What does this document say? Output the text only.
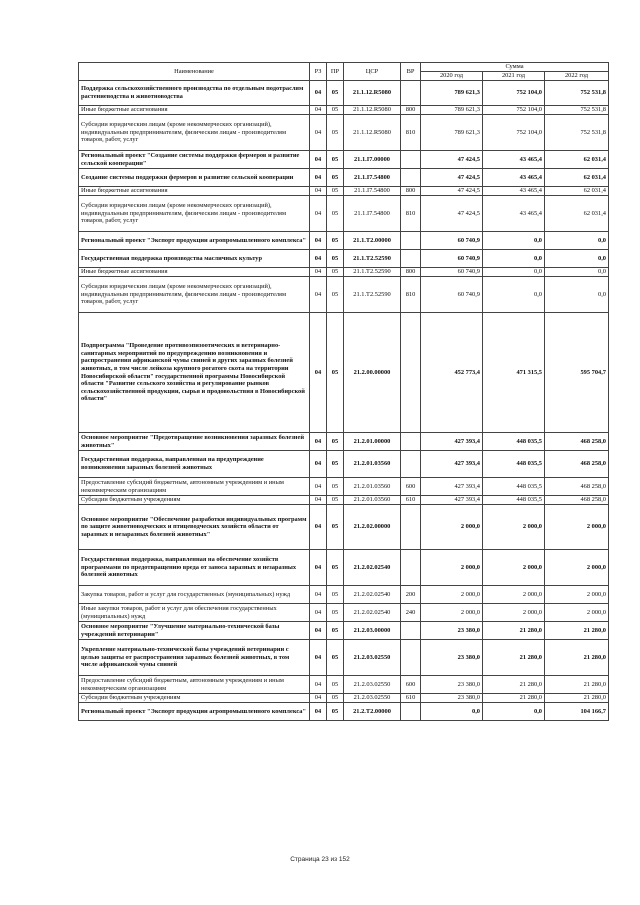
Наименование	РЗ	ПР	ЦСР	ВР	Сумма		
					2020 год	2021 год	2022 год
Поддержка сельскохозяйственного производства по отдельным подотраслям растениеводства и животноводства	04	05	21.1.12.R5080		789 621,3	752 104,0	752 531,8
Иные бюджетные ассигнования	04	05	21.1.12.R5080	800	789 621,3	752 104,0	752 531,8
Субсидии юридическим лицам (кроме некоммерческих организаций), индивидуальным предпринимателям, физическим лицам - производителям товаров, работ, услуг	04	05	21.1.12.R5080	810	789 621,3	752 104,0	752 531,8
Региональный проект "Создание системы поддержки фермеров и развитие сельской кооперации"	04	05	21.1.I7.00000		47 424,5	43 465,4	62 031,4
Создание системы поддержки фермеров и развитие сельской кооперации	04	05	21.1.I7.54800		47 424,5	43 465,4	62 031,4
Иные бюджетные ассигнования	04	05	21.1.I7.54800	800	47 424,5	43 465,4	62 031,4
Субсидии юридическим лицам (кроме некоммерческих организаций), индивидуальным предпринимателям, физическим лицам - производителям товаров, работ, услуг	04	05	21.1.I7.54800	810	47 424,5	43 465,4	62 031,4
Региональный проект "Экспорт продукции агропромышленного комплекса"	04	05	21.1.T2.00000		60 740,9	0,0	0,0
Государственная поддержка производства масличных культур	04	05	21.1.T2.52590		60 740,9	0,0	0,0
Иные бюджетные ассигнования	04	05	21.1.T2.52590	800	60 740,9	0,0	0,0
Субсидии юридическим лицам (кроме некоммерческих организаций), индивидуальным предпринимателям, физическим лицам - производителям товаров, работ, услуг	04	05	21.1.T2.52590	810	60 740,9	0,0	0,0
Подпрограмма "Проведение противоэпизоотических и ветеринарно-санитарных мероприятий по предупреждению возникновения и распространения африканской чумы свиней и других заразных болезней животных, в том числе лейкоза крупного рогатого скота на территории Новосибирской области" государственной программы Новосибирской области "Развитие сельского хозяйства и регулирование рынков сельскохозяйственной продукции, сырья и продовольствия в Новосибирской области"	04	05	21.2.00.00000		452 773,4	471 315,5	595 704,7
Основное мероприятие "Предотвращение возникновения заразных болезней животных"	04	05	21.2.01.00000		427 393,4	448 035,5	468 258,0
Государственная поддержка, направленная на предупреждение возникновения заразных болезней животных	04	05	21.2.01.03560		427 393,4	448 035,5	468 258,0
Предоставление субсидий бюджетным, автономным учреждениям и иным некоммерческим организациям	04	05	21.2.01.03560	600	427 393,4	448 035,5	468 258,0
Субсидии бюджетным учреждениям	04	05	21.2.01.03560	610	427 393,4	448 035,5	468 258,0
Основное мероприятие "Обеспечение разработки индивидуальных программ по защите животноводческих и птицеводческих хозяйств области от заразных и незаразных болезней животных"	04	05	21.2.02.00000		2 000,0	2 000,0	2 000,0
Государственная поддержка, направленная на обеспечение хозяйств программами по предотвращению вреда от заноса заразных и незаразных болезней животных	04	05	21.2.02.02540		2 000,0	2 000,0	2 000,0
Закупка товаров, работ и услуг для государственных (муниципальных) нужд	04	05	21.2.02.02540	200	2 000,0	2 000,0	2 000,0
Иные закупки товаров, работ и услуг для обеспечения государственных (муниципальных) нужд	04	05	21.2.02.02540	240	2 000,0	2 000,0	2 000,0
Основное мероприятие "Улучшение материально-технической базы учреждений ветеринарии"	04	05	21.2.03.00000		23 380,0	21 280,0	21 280,0
Укрепление материально-технической базы учреждений ветеринарии с целью защиты от распространения заразных болезней животных, в том числе африканской чумы свиней	04	05	21.2.03.02550		23 380,0	21 280,0	21 280,0
Предоставление субсидий бюджетным, автономным учреждениям и иным некоммерческим организациям	04	05	21.2.03.02550	600	23 380,0	21 280,0	21 280,0
Субсидии бюджетным учреждениям	04	05	21.2.03.02550	610	23 380,0	21 280,0	21 280,0
Региональный проект "Экспорт продукции агропромышленного комплекса"	04	05	21.2.T2.00000		0,0	0,0	104 166,7
Страница 23 из 152
